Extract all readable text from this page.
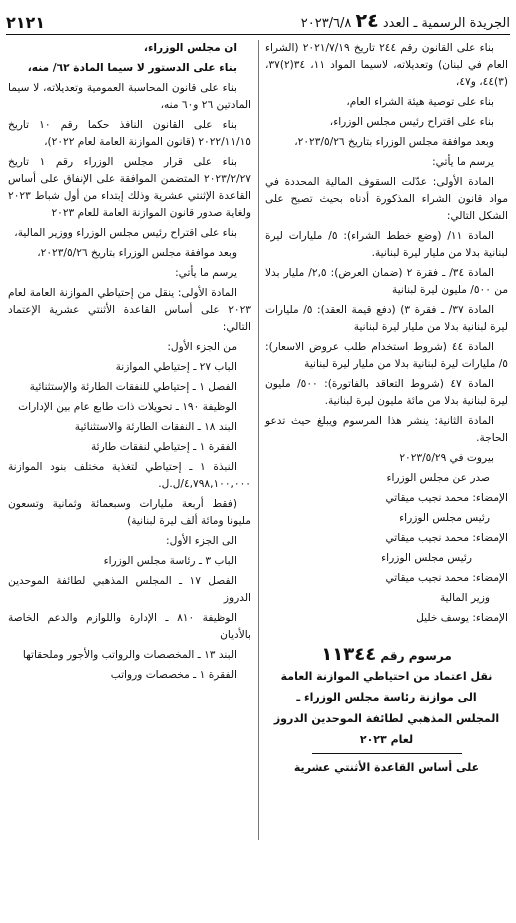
الجريدة الرسمية ـ العدد ٢٤ ٢٠٢٣/٦/٨
٢١٢١

بناء على القانون رقم ٢٤٤ تاريخ ٢٠٢١/٧/١٩ (الشراء العام في لبنان) وتعديلاته، لاسيما المواد ١١، ٣٤(٢)٣٧،(٣)٤٤، و٤٧،

بناء على توصية هيئة الشراء العام،

بناء على اقتراح رئيس مجلس الوزراء،

وبعد موافقة مجلس الوزراء بتاريخ ٢٠٢٣/٥/٢٦،

يرسم ما يأتي:

المادة الأولى: عدّلت السقوف المالية المحددة في مواد قانون الشراء المذكورة أدناه بحيث تصبح على الشكل التالي:

المادة ١١/ (وضع خطط الشراء): ٥/ مليارات ليرة لبنانية بدلا من مليار ليرة لبنانية.

المادة ٣٤/ ـ فقرة ٢ (ضمان العرض): ٢,٥/ مليار بدلا من ٥٠٠/ مليون ليرة لبنانية

المادة ٣٧/ ـ فقرة ٣) (دفع قيمة العقد): ٥/ مليارات ليرة لبنانية بدلا من مليار ليرة لبنانية

المادة ٤٤ (شروط استخدام طلب عروض الاسعار): ٥/ مليارات ليرة لبنانية بدلا من مليار ليرة لبنانية

المادة ٤٧ (شروط التعاقد بالفاتورة): ٥٠٠/ مليون ليرة لبنانية بدلا من مائة مليون ليرة لبنانية.

المادة الثانية: ينشر هذا المرسوم ويبلغ حيث تدعو الحاجة.

بيروت في ٢٠٢٣/٥/٢٩

صدر عن مجلس الوزراء

الإمضاء: محمد نجيب ميقاتي

رئيس مجلس الوزراء

الإمضاء: محمد نجيب ميقاتي

رئيس مجلس الوزراء

الإمضاء: محمد نجيب ميقاتي

وزير المالية

الإمضاء: يوسف خليل

مرسوم رقم ١١٣٤٤
نقل اعتماد من احتياطي الموازنة العامة
الى موازنة رئاسة مجلس الوزراء ـ
المجلس المذهبي لطائفة الموحدين الدروز
لعام ٢٠٢٣
على أساس القاعدة الأثنتي عشرية

ان مجلس الوزراء،

بناء على الدستور لا سيما المادة ٦٢/ منه،

بناء على قانون المحاسبة العمومية وتعديلاته، لا سيما المادتين ٢٦ و٦٠ منه،

بناء على القانون النافذ حكما رقم ١٠ تاريخ ٢٠٢٢/١١/١٥ (قانون الموازنة العامة لعام ٢٠٢٢)،

بناء على قرار مجلس الوزراء رقم ١ تاريخ ٢٠٢٣/٢/٢٧ المتضمن الموافقة على الإنفاق على أساس القاعدة الإثنتي عشرية وذلك إبتداء من أول شباط ٢٠٢٣ ولغاية صدور قانون الموازنة العامة للعام ٢٠٢٣

بناء على اقتراح رئيس مجلس الوزراء ووزير المالية،

وبعد موافقة مجلس الوزراء بتاريخ ٢٠٢٣/٥/٢٦،

يرسم ما يأتي:

المادة الأولى: ينقل من إحتياطي الموازنة العامة لعام ٢٠٢٣ على أساس القاعدة الأثنتي عشرية الإعتماد التالي:

من الجزء الأول:

الباب ٢٧ ـ إحتياطي الموازنة

الفصل ١ ـ إحتياطي للنفقات الطارئة والإستثنائية

الوظيفة ١٩٠ ـ تحويلات ذات طابع عام بين الإدارات

البند ١٨ ـ النفقات الطارئة والاستثنائية

الفقرة ١ ـ إحتياطي لنفقات طارئة

النبذة ١ ـ إحتياطي لتغذية مختلف بنود الموازنة ٤,٧٩٨,١٠٠,٠٠٠/ل.ل.

(فقط أربعة مليارات وسبعمائة وثمانية وتسعون مليونا ومائة ألف ليرة لبنانية)

الى الجزء الأول:

الباب ٣ ـ رئاسة مجلس الوزراء

الفصل ١٧ ـ المجلس المذهبي لطائفة الموحدين الدروز

الوظيفة ٨١٠ ـ الإدارة واللوازم والدعم الخاصة بالأديان

البند ١٣ ـ المخصصات والرواتب والأجور وملحقاتها

الفقرة ١ ـ مخصصات ورواتب
